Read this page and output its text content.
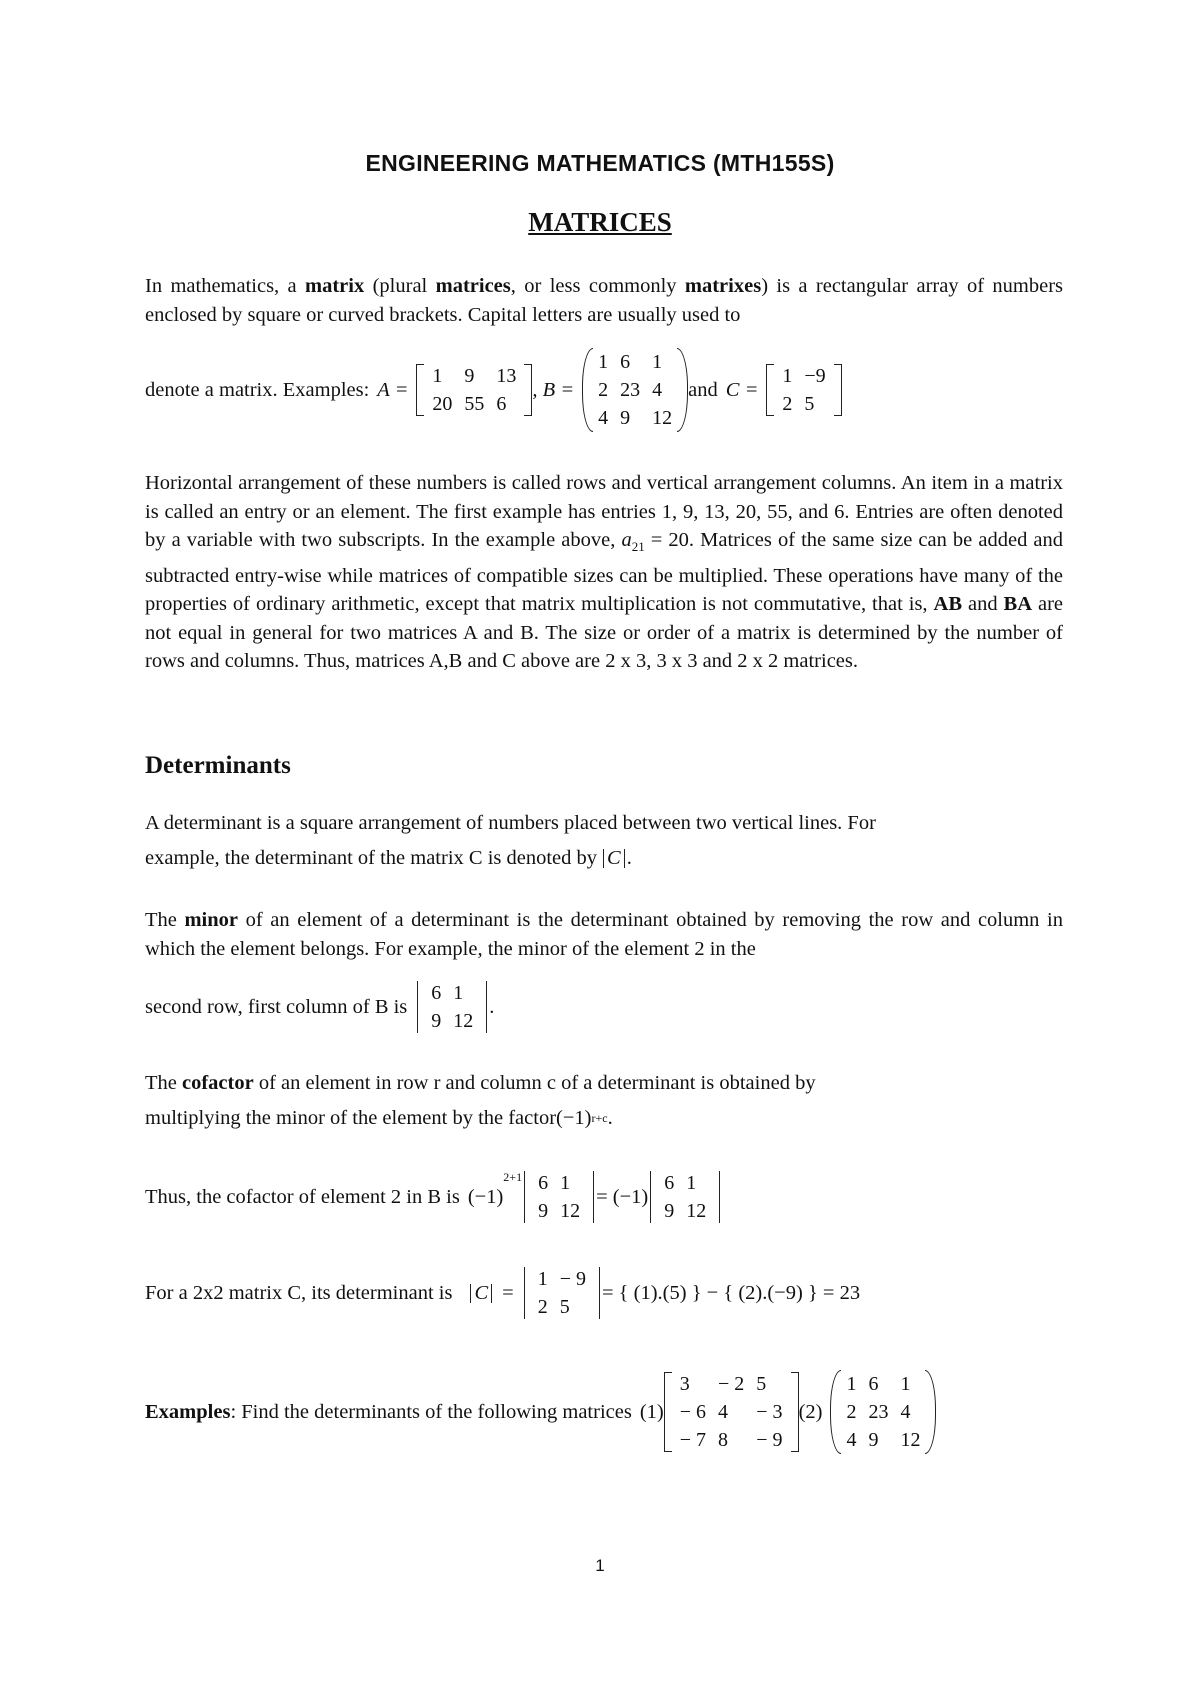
ENGINEERING MATHEMATICS (MTH155S)
MATRICES
In mathematics, a matrix (plural matrices, or less commonly matrixes) is a rectangular array of numbers enclosed by square or curved brackets. Capital letters are usually used to
denote a matrix. Examples: A =
1	9	13
20	55	6
, B =
1	6	1
2	23	4
4	9	12
and C =
1	−9
2	5
Horizontal arrangement of these numbers is called rows and vertical arrangement columns. An item in a matrix is called an entry or an element. The first example has entries 1, 9, 13, 20, 55, and 6. Entries are often denoted by a variable with two subscripts. In the example above, $a_{21} = 20$. Matrices of the same size can be added and subtracted entry-wise while matrices of compatible sizes can be multiplied. These operations have many of the properties of ordinary arithmetic, except that matrix multiplication is not commutative, that is, AB and BA are not equal in general for two matrices A and B. The size or order of a matrix is determined by the number of rows and columns. Thus, matrices A,B and C above are 2 x 3, 3 x 3 and 2 x 2 matrices.
Determinants
A determinant is a square arrangement of numbers placed between two vertical lines. For
example, the determinant of the matrix C is denoted by C .
The minor of an element of a determinant is the determinant obtained by removing the row and column in which the element belongs. For example, the minor of the element 2 in the
second row, first column of B is
6	1
9	12
.
The cofactor of an element in row r and column c of a determinant is obtained by
multiplying the minor of the element by the factor (−1) r+c .
Thus, the cofactor of element 2 in B is (−1)
2+1 6	1
9	12
= (−1)
6	1
9	12
For a 2x2 matrix C, its determinant is C =
1	− 9
2	5
= { (1).(5) } − { (2).(−9) } = 23
Examples : Find the determinants of the following matrices (1)
3	− 2	5
− 6	4	− 3
− 7	8	− 9
(2)
1	6	1
2	23	4
4	9	12
1
